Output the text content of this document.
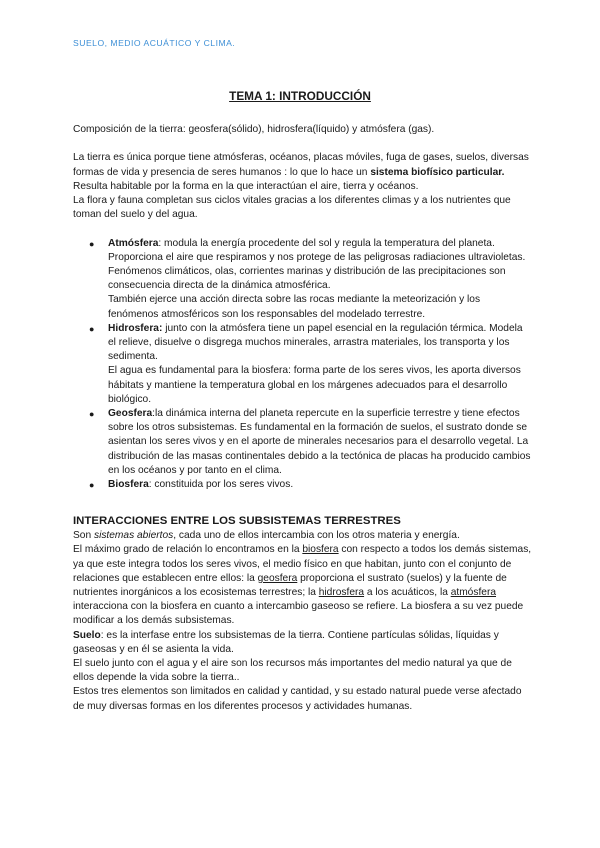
SUELO, MEDIO ACUÁTICO Y CLIMA.
TEMA 1: INTRODUCCIÓN

Composición de la tierra: geosfera(sólido), hidrosfera(líquido) y atmósfera (gas).

La tierra es única porque tiene atmósferas, océanos, placas móviles, fuga de gases, suelos, diversas formas de vida y presencia de seres humanos : lo que lo hace un sistema biofísico particular.

Resulta habitable por la forma en la que interactúan el aire, tierra y océanos.

La flora y fauna completan sus ciclos vitales gracias a los diferentes climas y a los nutrientes que toman del suelo y del agua.

● Atmósfera: modula la energía procedente del sol y regula la temperatura del planeta. Proporciona el aire que respiramos y nos protege de las peligrosas radiaciones ultravioletas. Fenómenos climáticos, olas, corrientes marinas y distribución de las precipitaciones son consecuencia directa de la dinámica atmosférica.

También ejerce una acción directa sobre las rocas mediante la meteorización y los fenómenos atmosféricos son los responsables del modelado terrestre.

● Hidrosfera: junto con la atmósfera tiene un papel esencial en la regulación térmica. Modela el relieve, disuelve o disgrega muchos minerales, arrastra materiales, los transporta y los sedimenta.

El agua es fundamental para la biosfera: forma parte de los seres vivos, les aporta diversos hábitats y mantiene la temperatura global en los márgenes adecuados para el desarrollo biológico.

● Geosfera:la dinámica interna del planeta repercute en la superficie terrestre y tiene efectos sobre los otros subsistemas. Es fundamental en la formación de suelos, el sustrato donde se asientan los seres vivos y en el aporte de minerales necesarios para el desarrollo vegetal. La distribución de las masas continentales debido a la tectónica de placas ha producido cambios en los océanos y por tanto en el clima.
● Biosfera: constituida por los seres vivos.
INTERACCIONES ENTRE LOS SUBSISTEMAS TERRESTRES

Son sistemas abiertos, cada uno de ellos intercambia con los otros materia y energía.

El máximo grado de relación lo encontramos en la biosfera con respecto a todos los demás sistemas, ya que este integra todos los seres vivos, el medio físico en que habitan, junto con el conjunto de relaciones que establecen entre ellos: la geosfera proporciona el sustrato (suelos) y la fuente de nutrientes inorgánicos a los ecosistemas terrestres; la hidrosfera a los acuáticos, la atmósfera interacciona con la biosfera en cuanto a intercambio gaseoso se refiere. La biosfera a su vez puede modificar a los demás subsistemas.

Suelo: es la interfase entre los subsistemas de la tierra. Contiene partículas sólidas, líquidas y gaseosas y en él se asienta la vida.

El suelo junto con el agua y el aire son los recursos más importantes del medio natural ya que de ellos depende la vida sobre la tierra..

Estos tres elementos son limitados en calidad y cantidad, y su estado natural puede verse afectado de muy diversas formas en los diferentes procesos y actividades humanas.
